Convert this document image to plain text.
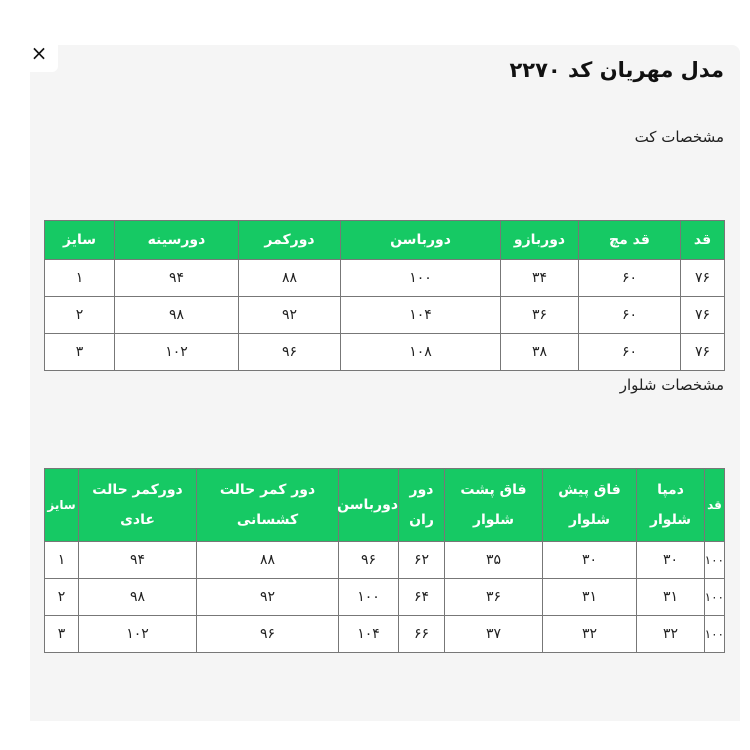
×
مدل مهریان کد ۲۲۷۰
مشخصات کت
قد	قد مچ	دوربازو	دورباسن	دورکمر	دورسینه	سایز
۷۶	۶۰	۳۴	۱۰۰	۸۸	۹۴	۱
۷۶	۶۰	۳۶	۱۰۴	۹۲	۹۸	۲
۷۶	۶۰	۳۸	۱۰۸	۹۶	۱۰۲	۳
مشخصات شلوار
قد	دمپا شلوار	فاق پیش شلوار	فاق پشت شلوار	دور ران	دورباسن	دور کمر حالت کشسانی	دورکمر حالت عادی	سایز
۱۰۰	۳۰	۳۰	۳۵	۶۲	۹۶	۸۸	۹۴	۱
۱۰۰	۳۱	۳۱	۳۶	۶۴	۱۰۰	۹۲	۹۸	۲
۱۰۰	۳۲	۳۲	۳۷	۶۶	۱۰۴	۹۶	۱۰۲	۳
